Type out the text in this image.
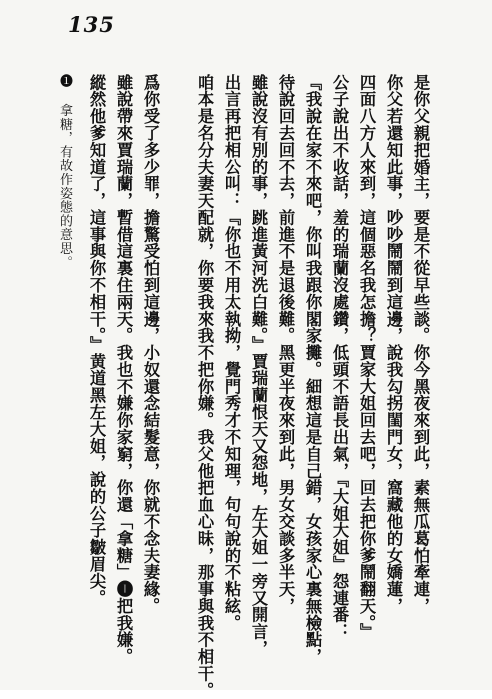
135
是你父親把婚主，要是不從早些談。你今黑夜來到此，素無瓜葛怕牽連，
你父若還知此事，吵吵鬧鬧到這邊，說我勾拐閨門女，窩藏他的女嬌蓮，
四面八方人來到，這個惡名我怎擔？賈家大姐回去吧，回去把你爹鬧翻天。』
公子說出不收話，羞的瑞蘭沒處鑽，低頭不語長出氣，『大姐大姐』怨連番：
『我說在家不來吧，你叫我跟你閣家攤。細想這是自己錯，女孩家心裏無檢點，
待說回去回不去，前進不是退後難。黑更半夜來到此，男女交談多半天，
雖說沒有別的事，跳進黃河洗白難。』賈瑞蘭恨天又怨地，左大姐一旁又開言，
出言再把相公叫：『你也不用太執拗，覺門秀才不知理，句句說的不粘絃。
咱本是名分夫妻天配就，你要我來我不把你嫌。我父他把血心昧，那事與我不相干。
爲你受了多少罪，擔驚受怕到這邊，小奴還念結髮意，你就不念夫妻緣。
雖說帶來賈瑞蘭，暫借這裏住兩天。我也不嫌你家窮，你還「拿糖」❶把我嫌。
縱然他爹知道了，這事與你不相干。』黄道黑左大姐，說的公子皺眉尖。
❶ 拿糖，有故作姿態的意思。
